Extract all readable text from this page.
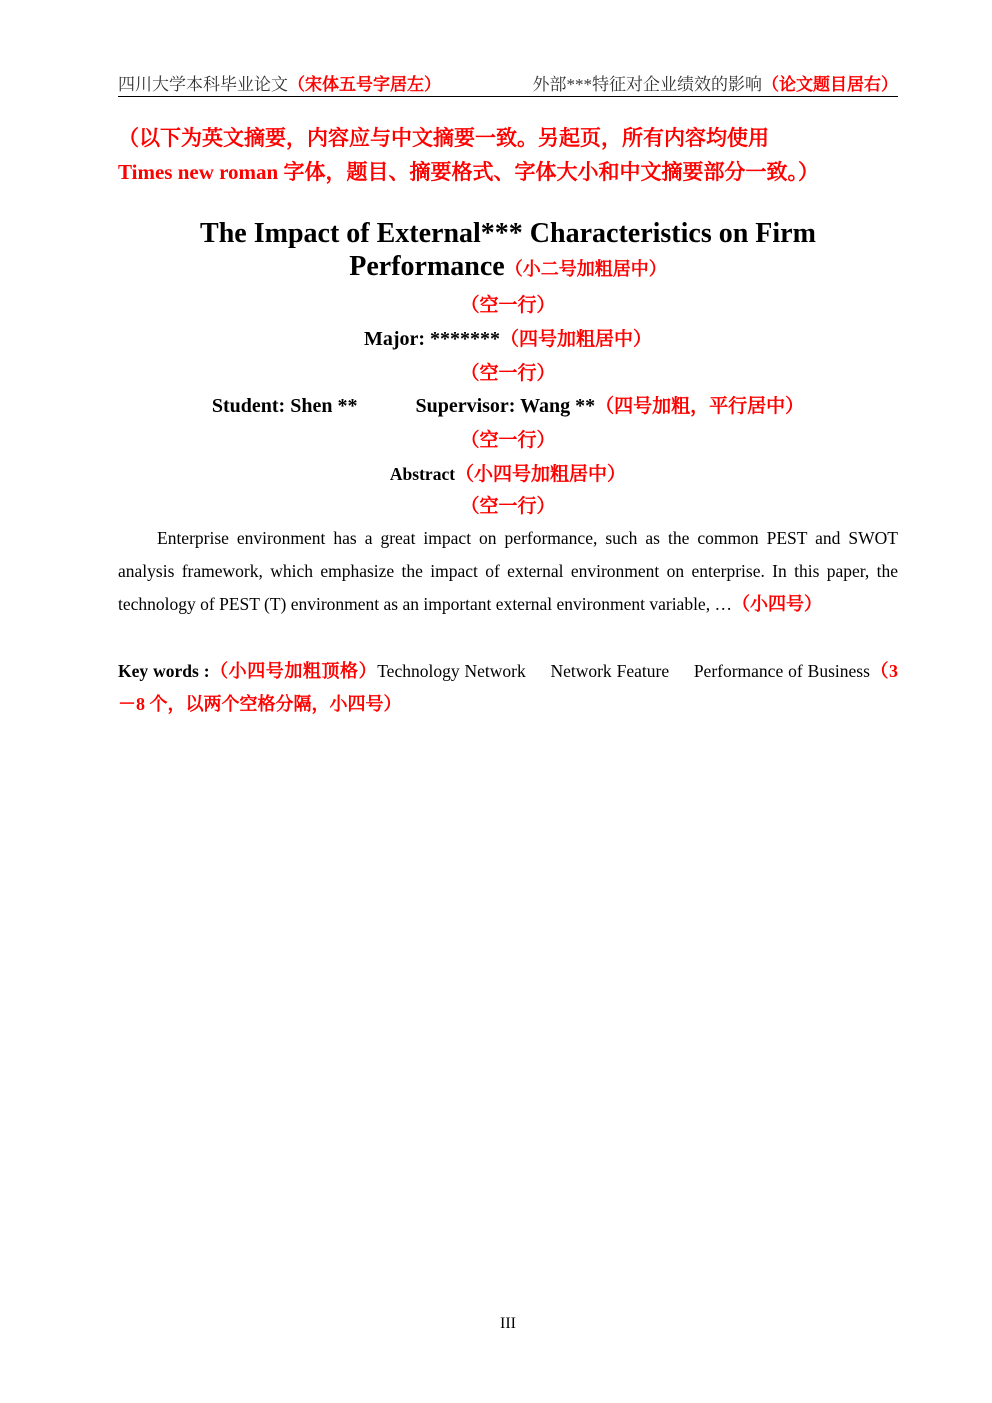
四川大学本科毕业论文（宋体五号字居左）	外部***特征对企业绩效的影响（论文题目居右）
（以下为英文摘要，内容应与中文摘要一致。另起页，所有内容均使用
Times new roman 字体，题目、摘要格式、字体大小和中文摘要部分一致。）
The Impact of External*** Characteristics on Firm
Performance（小二号加粗居中）
（空一行）
Major: *******（四号加粗居中）
（空一行）
Student: Shen **	Supervisor: Wang **（四号加粗，平行居中）
（空一行）
Abstract（小四号加粗居中）
（空一行）
Enterprise environment has a great impact on performance, such as the common PEST and SWOT analysis framework, which emphasize the impact of external environment on enterprise. In this paper, the technology of PEST (T) environment as an important external environment variable, …（小四号）
Key words :（小四号加粗顶格）Technology Network Network Feature Performance of Business（3－8 个，以两个空格分隔，小四号）
III
